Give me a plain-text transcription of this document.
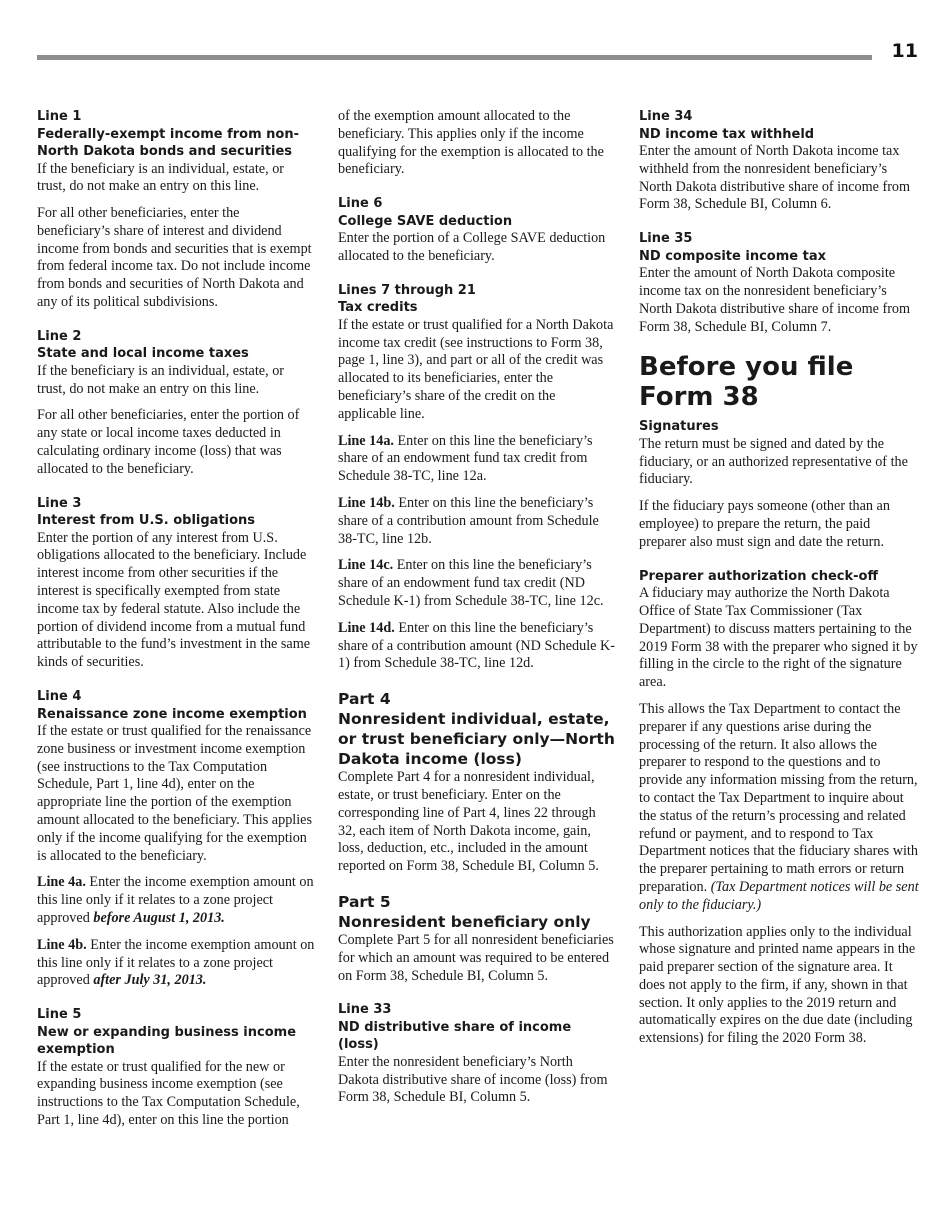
11
Line 1
Federally-exempt income from non-North Dakota bonds and securities

If the beneficiary is an individual, estate, or trust, do not make an entry on this line.

For all other beneficiaries, enter the beneficiary’s share of interest and dividend income from bonds and securities that is exempt from federal income tax. Do not include income from bonds and securities of North Dakota and any of its political subdivisions.

Line 2
State and local income taxes

If the beneficiary is an individual, estate, or trust, do not make an entry on this line.

For all other beneficiaries, enter the portion of any state or local income taxes deducted in calculating ordinary income (loss) that was allocated to the beneficiary.

Line 3
Interest from U.S. obligations

Enter the portion of any interest from U.S. obligations allocated to the beneficiary. Include interest income from other securities if the interest is specifically exempted from state income tax by federal statute. Also include the portion of dividend income from a mutual fund attributable to the fund’s investment in the same kinds of securities.

Line 4
Renaissance zone income exemption

If the estate or trust qualified for the renaissance zone business or investment income exemption (see instructions to the Tax Computation Schedule, Part 1, line 4d), enter on the appropriate line the portion of the exemption amount allocated to the beneficiary. This applies only if the income qualifying for the exemption is allocated to the beneficiary.

Line 4a. Enter the income exemption amount on this line only if it relates to a zone project approved before August 1, 2013.

Line 4b. Enter the income exemption amount on this line only if it relates to a zone project approved after July 31, 2013.

Line 5
New or expanding business income exemption

If the estate or trust qualified for the new or expanding business income exemption (see instructions to the Tax Computation Schedule, Part 1, line 4d), enter on this line the portion

of the exemption amount allocated to the beneficiary. This applies only if the income qualifying for the exemption is allocated to the beneficiary.

Line 6
College SAVE deduction

Enter the portion of a College SAVE deduction allocated to the beneficiary.

Lines 7 through 21
Tax credits

If the estate or trust qualified for a North Dakota income tax credit (see instructions to Form 38, page 1, line 3), and part or all of the credit was allocated to its beneficiaries, enter the beneficiary’s share of the credit on the applicable line.

Line 14a. Enter on this line the beneficiary’s share of an endowment fund tax credit from Schedule 38-TC, line 12a.

Line 14b. Enter on this line the beneficiary’s share of a contribution amount from Schedule 38-TC, line 12b.

Line 14c. Enter on this line the beneficiary’s share of an endowment fund tax credit (ND Schedule K-1) from Schedule 38-TC, line 12c.

Line 14d. Enter on this line the beneficiary’s share of a contribution amount (ND Schedule K-1) from Schedule 38-TC, line 12d.

Part 4
Nonresident individual, estate, or trust beneficiary only—North Dakota income (loss)

Complete Part 4 for a nonresident individual, estate, or trust beneficiary. Enter on the corresponding line of Part 4, lines 22 through 32, each item of North Dakota income, gain, loss, deduction, etc., included in the amount reported on Form 38, Schedule BI, Column 5.

Part 5
Nonresident beneficiary only

Complete Part 5 for all nonresident beneficiaries for which an amount was required to be entered on Form 38, Schedule BI, Column 5.

Line 33
ND distributive share of income (loss)

Enter the nonresident beneficiary’s North Dakota distributive share of income (loss) from Form 38, Schedule BI, Column 5.

Line 34
ND income tax withheld

Enter the amount of North Dakota income tax withheld from the nonresident beneficiary’s North Dakota distributive share of income from Form 38, Schedule BI, Column 6.

Line 35
ND composite income tax

Enter the amount of North Dakota composite income tax on the nonresident beneficiary’s North Dakota distributive share of income from Form 38, Schedule BI, Column 7.

Before you file Form 38
Signatures

The return must be signed and dated by the fiduciary, or an authorized representative of the fiduciary.

If the fiduciary pays someone (other than an employee) to prepare the return, the paid preparer also must sign and date the return.

Preparer authorization check-off

A fiduciary may authorize the North Dakota Office of State Tax Commissioner (Tax Department) to discuss matters pertaining to the 2019 Form 38 with the preparer who signed it by filling in the circle to the right of the signature area.

This allows the Tax Department to contact the preparer if any questions arise during the processing of the return. It also allows the preparer to respond to the questions and to provide any information missing from the return, to contact the Tax Department to inquire about the status of the return’s processing and related refund or payment, and to respond to Tax Department notices that the fiduciary shares with the preparer pertaining to math errors or return preparation. (Tax Department notices will be sent only to the fiduciary.)

This authorization applies only to the individual whose signature and printed name appears in the paid preparer section of the signature area. It does not apply to the firm, if any, shown in that section. It only applies to the 2019 return and automatically expires on the due date (including extensions) for filing the 2020 Form 38.
